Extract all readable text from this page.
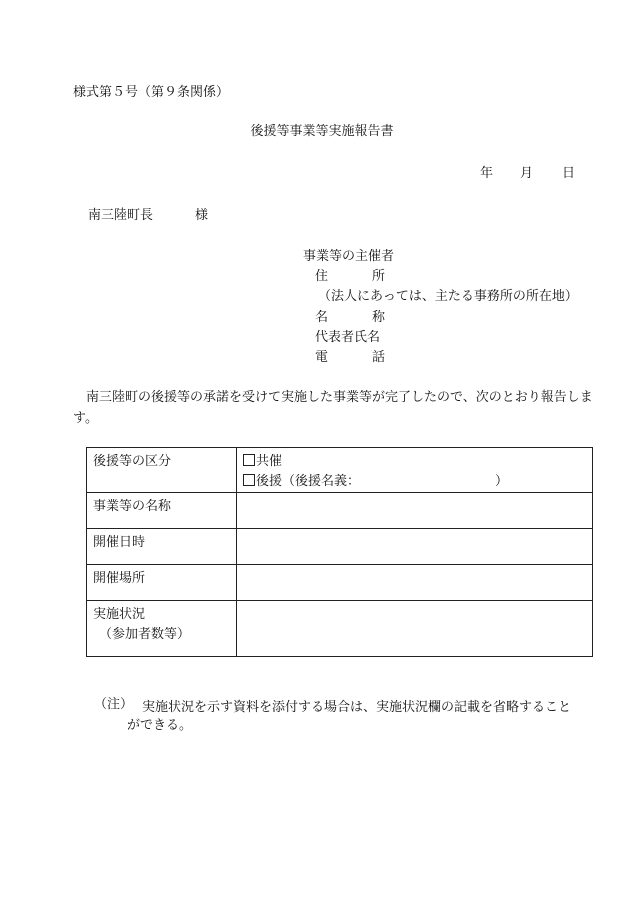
様式第５号（第９条関係）
後援等事業等実施報告書
年 月 日
南三陸町長	様
事業等の主催者
住所
（法人にあっては、主たる事務所の所在地）
名称
代表者氏名
電話
南三陸町の後援等の承諾を受けて実施した事業等が完了したので、次のとおり報告します。
後援等の区分	共催
後援（後援名義： ）

事業等の名称	
開催日時	
開催場所	

実施状況
（参加者数等）	

（注） 実施状況を示す資料を添付する場合は、実施状況欄の記載を省略すること
ができる。
